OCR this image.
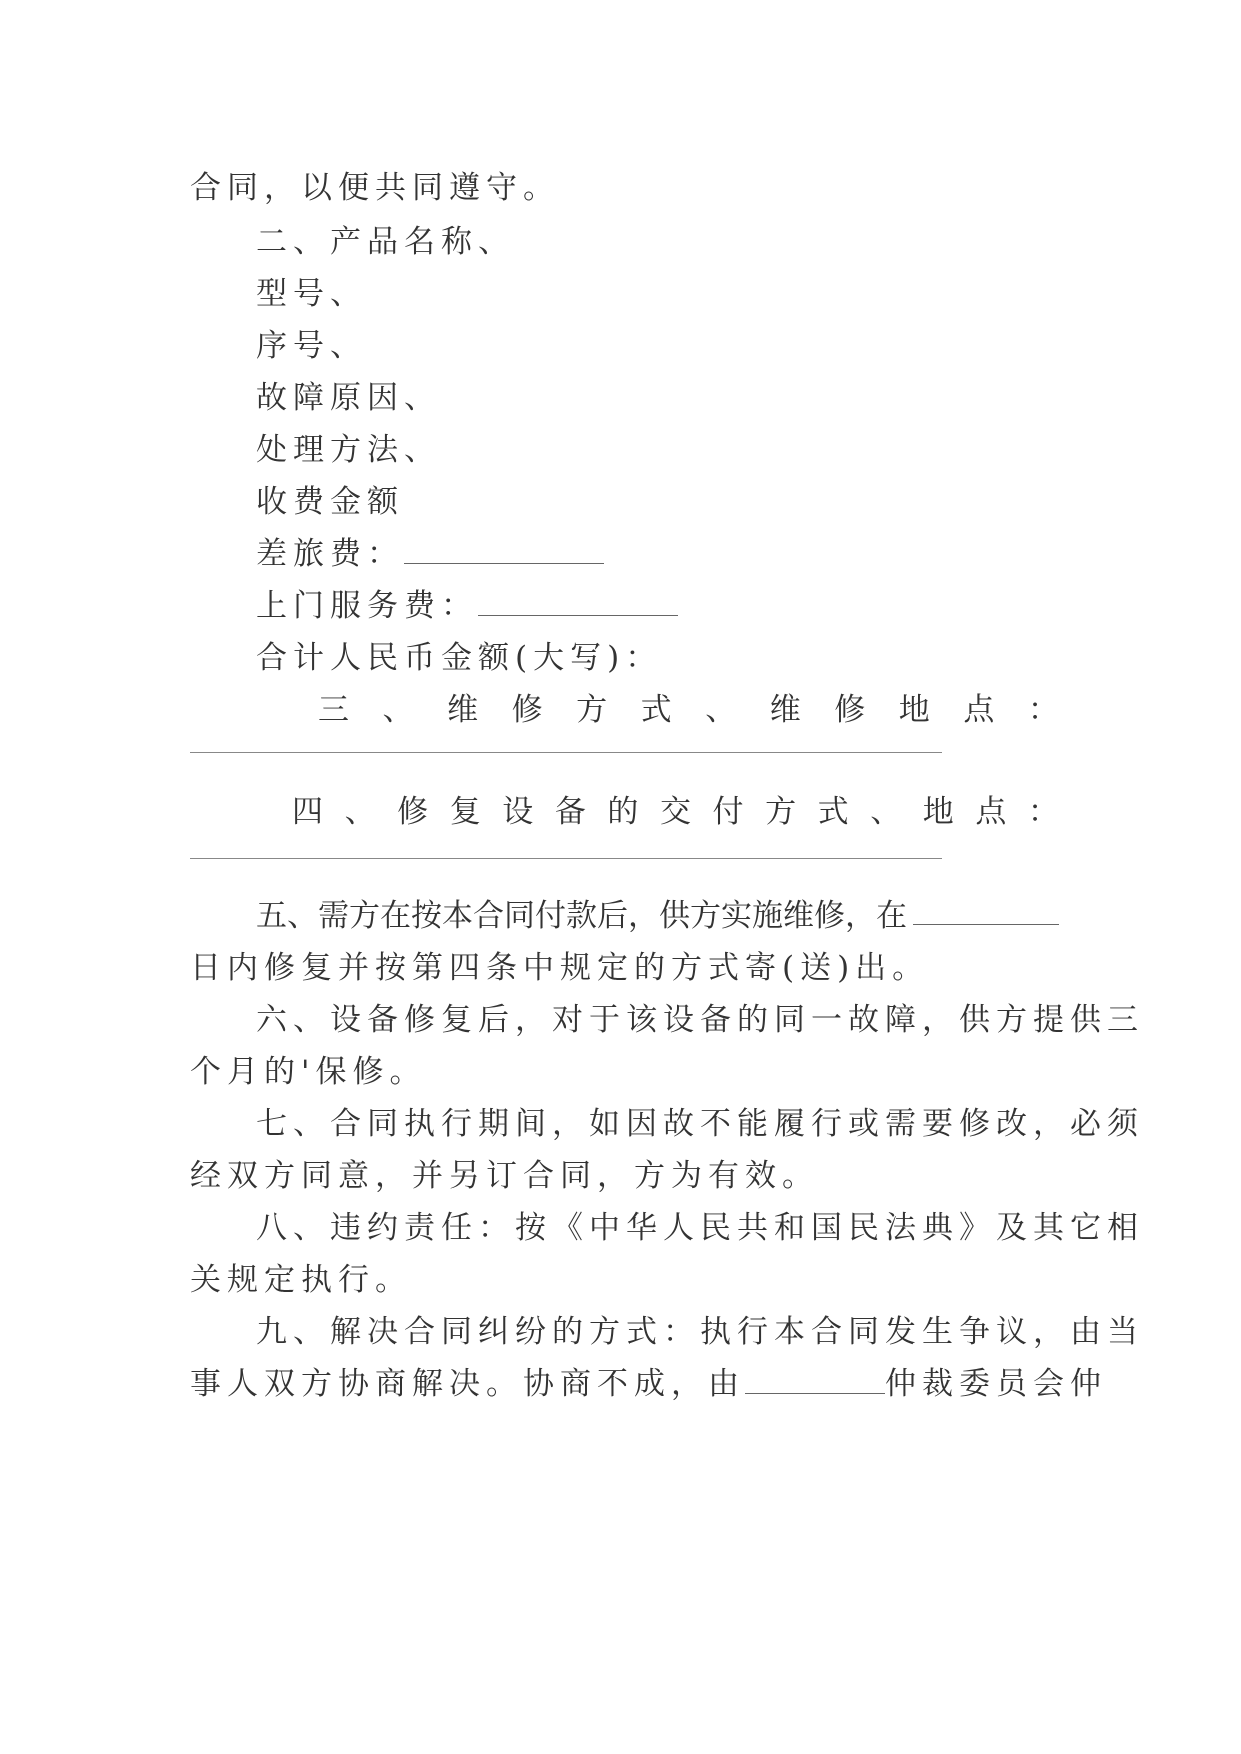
合同，以便共同遵守。
二、产品名称、
型号、
序号、
故障原因、
处理方法、
收费金额
差旅费：
上门服务费：
合计人民币金额(大写)：
三 、 维 修 方 式 、 维 修 地 点 ：
四 、 修 复 设 备 的 交 付 方 式 、 地 点 ：
五、需方在按本合同付款后，供方实施维修，在
日内修复并按第四条中规定的方式寄(送)出。
六、设备修复后，对于该设备的同一故障，供方提供三
个月的'保修。
七、合同执行期间，如因故不能履行或需要修改，必须
经双方同意，并另订合同，方为有效。
八、违约责任：按《中华人民共和国民法典》及其它相
关规定执行。
九、解决合同纠纷的方式：执行本合同发生争议，由当
事人双方协商解决。协商不成，由	仲裁委员会仲
